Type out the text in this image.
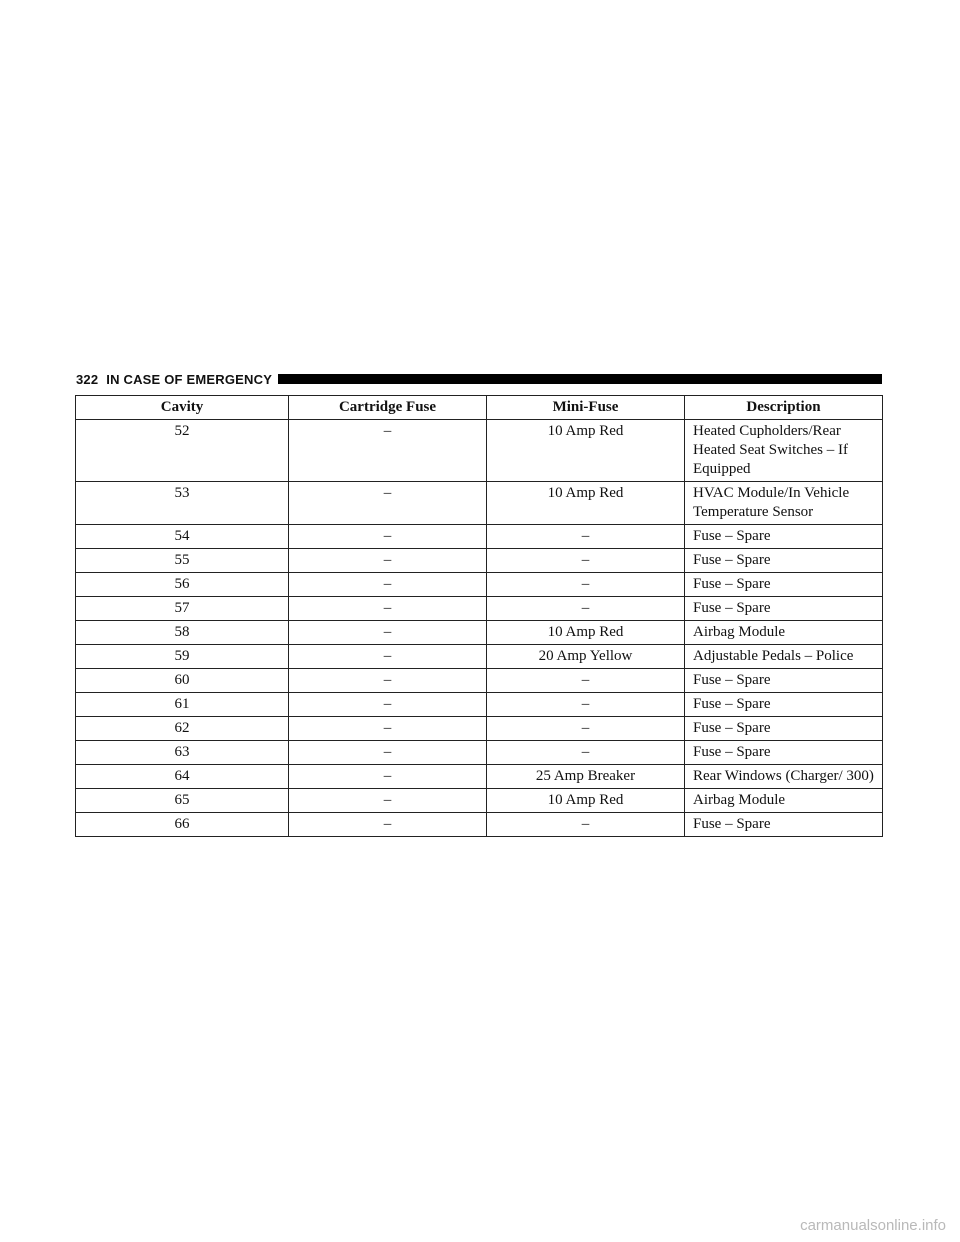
322 IN CASE OF EMERGENCY
Cavity	Cartridge Fuse	Mini-Fuse	Description
52	–	10 Amp Red	Heated Cupholders/Rear Heated Seat Switches – If Equipped
53	–	10 Amp Red	HVAC Module/In Vehicle Temperature Sensor
54	–	–	Fuse – Spare
55	–	–	Fuse – Spare
56	–	–	Fuse – Spare
57	–	–	Fuse – Spare
58	–	10 Amp Red	Airbag Module
59	–	20 Amp Yellow	Adjustable Pedals – Police
60	–	–	Fuse – Spare
61	–	–	Fuse – Spare
62	–	–	Fuse – Spare
63	–	–	Fuse – Spare
64	–	25 Amp Breaker	Rear Windows (Charger/ 300)
65	–	10 Amp Red	Airbag Module
66	–	–	Fuse – Spare
carmanualsonline.info
